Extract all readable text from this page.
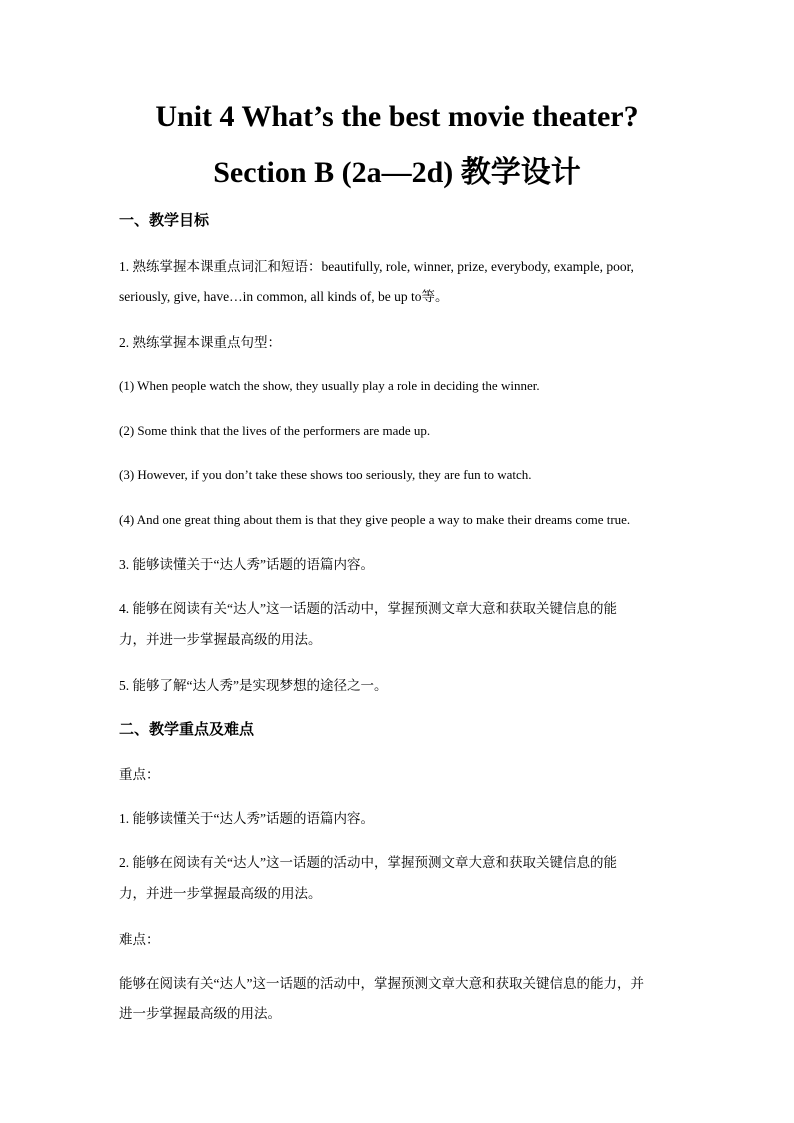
Unit 4 What’s the best movie theater?
Section B (2a—2d) 教学设计
一、教学目标
1. 熟练掌握本课重点词汇和短语：beautifully, role, winner, prize, everybody, example, poor,
seriously, give, have…in common, all kinds of, be up to等。
2. 熟练掌握本课重点句型：
(1) When people watch the show, they usually play a role in deciding the winner.
(2) Some think that the lives of the performers are made up.
(3) However, if you don’t take these shows too seriously, they are fun to watch.
(4) And one great thing about them is that they give people a way to make their dreams come true.
3. 能够读懂关于“达人秀”话题的语篇内容。
4. 能够在阅读有关“达人”这一话题的活动中，掌握预测文章大意和获取关键信息的能
力，并进一步掌握最高级的用法。
5. 能够了解“达人秀”是实现梦想的途径之一。
二、教学重点及难点
重点：
1. 能够读懂关于“达人秀”话题的语篇内容。
2. 能够在阅读有关“达人”这一话题的活动中，掌握预测文章大意和获取关键信息的能
力，并进一步掌握最高级的用法。
难点：
能够在阅读有关“达人”这一话题的活动中，掌握预测文章大意和获取关键信息的能力，并
进一步掌握最高级的用法。
